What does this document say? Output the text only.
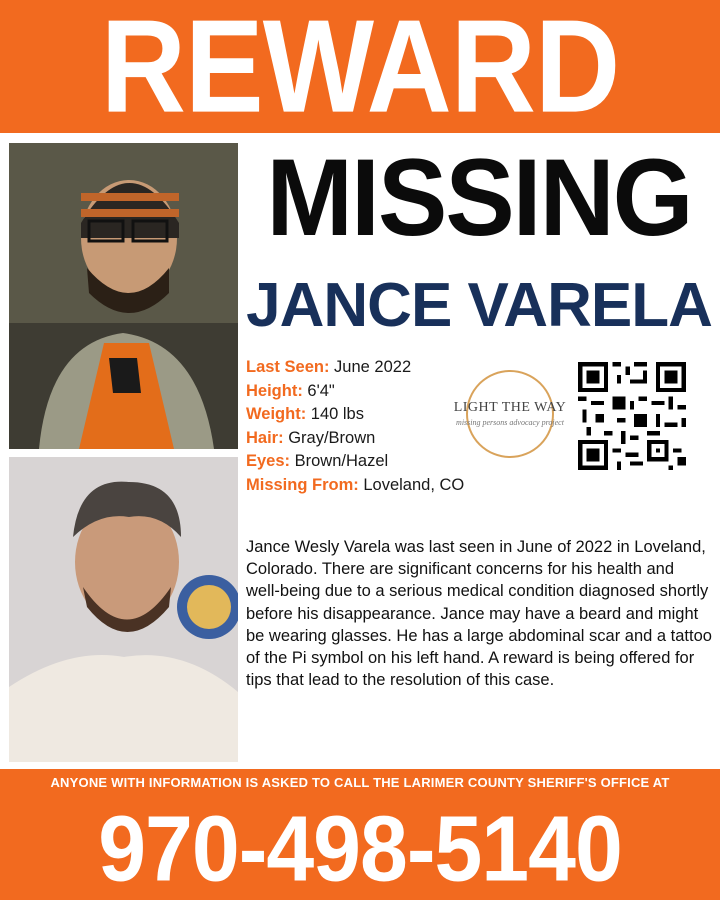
REWARD
MISSING
JANCE VARELA
Last Seen: June 2022
Height: 6'4"
Weight: 140 lbs
Hair: Gray/Brown
Eyes: Brown/Hazel
Missing From: Loveland, CO
LIGHT THE WAY
missing persons advocacy project
Jance Wesly Varela was last seen in June of 2022 in Loveland, Colorado. There are significant concerns for his health and well-being due to a serious medical condition diagnosed shortly before his disappearance. Jance may have a beard and might be wearing glasses. He has a large abdominal scar and a tattoo of the Pi symbol on his left hand. A reward is being offered for tips that lead to the resolution of this case.
ANYONE WITH INFORMATION IS ASKED TO CALL THE LARIMER COUNTY SHERIFF'S OFFICE AT
970-498-5140
